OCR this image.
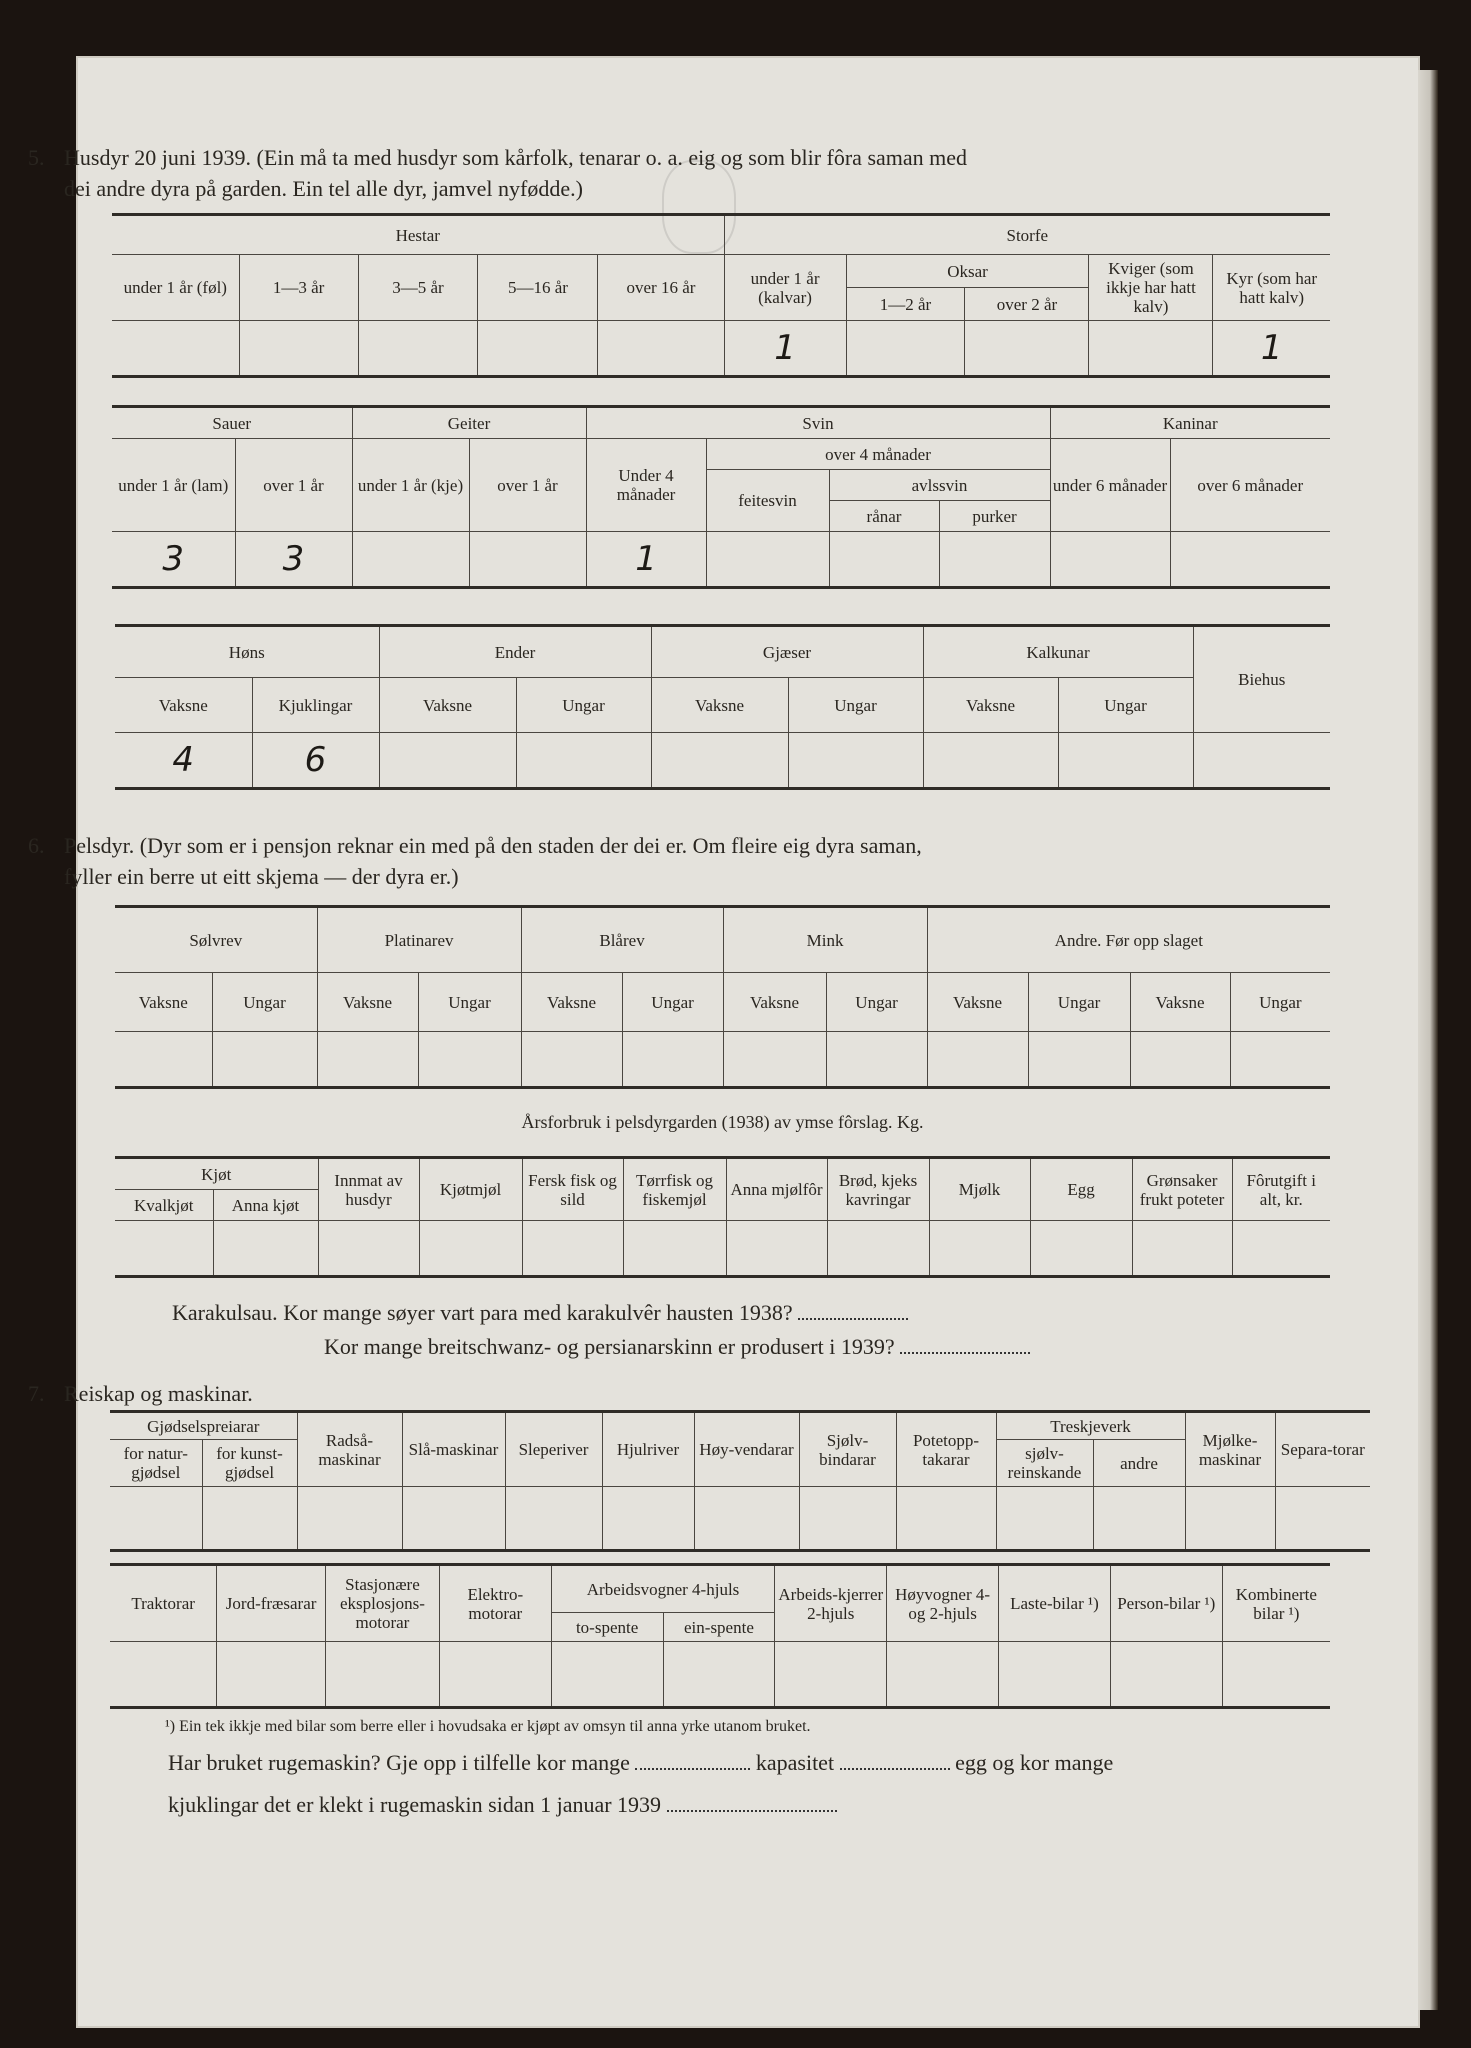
5. Husdyr 20 juni 1939. (Ein må ta med husdyr som kårfolk, tenarar o. a. eig og som blir fôra saman med

dei andre dyra på garden. Ein tel alle dyr, jamvel nyfødde.)

Hestar					Storfe				
under 1 år (føl)	1—3 år	3—5 år	5—16 år	over 16 år	under 1 år (kalvar)	Oksar		Kviger (som ikkje har hatt kalv)	Kyr (som har hatt kalv)
						1—2 år	over 2 år		
					1				1
Sauer		Geiter		Svin				Kaninar	
under 1 år (lam)	over 1 år	under 1 år (kje)	over 1 år	Under 4 månader	over 4 månader			under 6 månader	over 6 månader
					feitesvin	avlssvin			
						rånar	purker		
3	3			1					
Høns		Ender		Gjæser		Kalkunar		Biehus
Vaksne	Kjuklingar	Vaksne	Ungar	Vaksne	Ungar	Vaksne	Ungar	
4	6							

6. Pelsdyr. (Dyr som er i pensjon reknar ein med på den staden der dei er. Om fleire eig dyra saman,

fyller ein berre ut eitt skjema — der dyra er.)

Sølvrev		Platinarev		Blårev		Mink		Andre. Før opp slaget			
Vaksne	Ungar	Vaksne	Ungar	Vaksne	Ungar	Vaksne	Ungar	Vaksne	Ungar	Vaksne	Ungar

Årsforbruk i pelsdyrgarden (1938) av ymse fôrslag. Kg.
Kjøt		Innmat av husdyr	Kjøtmjøl	Fersk fisk og sild	Tørrfisk og fiskemjøl	Anna mjølfôr	Brød, kjeks kavringar	Mjølk	Egg	Grønsaker frukt poteter	Fôrutgift i alt, kr.
Kvalkjøt	Anna kjøt										

Karakulsau. Kor mange søyer vart para med karakulvêr hausten 1938?
Kor mange breitschwanz- og persianarskinn er produsert i 1939?

7. Reiskap og maskinar.

Gjødselspreiarar		Radså-maskinar	Slå-maskinar	Sleperiver	Hjulriver	Høy-vendarar	Sjølv-bindarar	Potetopp-takarar	Treskjeverk		Mjølke-maskinar	Separa-torar
for natur-gjødsel	for kunst-gjødsel								sjølv-reinskande	andre		

Traktorar	Jord-fræsarar	Stasjonære eksplosjons-motorar	Elektro-motorar	Arbeidsvogner 4-hjuls		Arbeids-kjerrer 2-hjuls	Høyvogner 4- og 2-hjuls	Laste-bilar ¹)	Person-bilar ¹)	Kombinerte bilar ¹)
				to-spente	ein-spente					

¹) Ein tek ikkje med bilar som berre eller i hovudsaka er kjøpt av omsyn til anna yrke utanom bruket.
Har bruket rugemaskin? Gje opp i tilfelle kor mange	kapasitet	egg og kor mange
kjuklingar det er klekt i rugemaskin sidan 1 januar 1939
